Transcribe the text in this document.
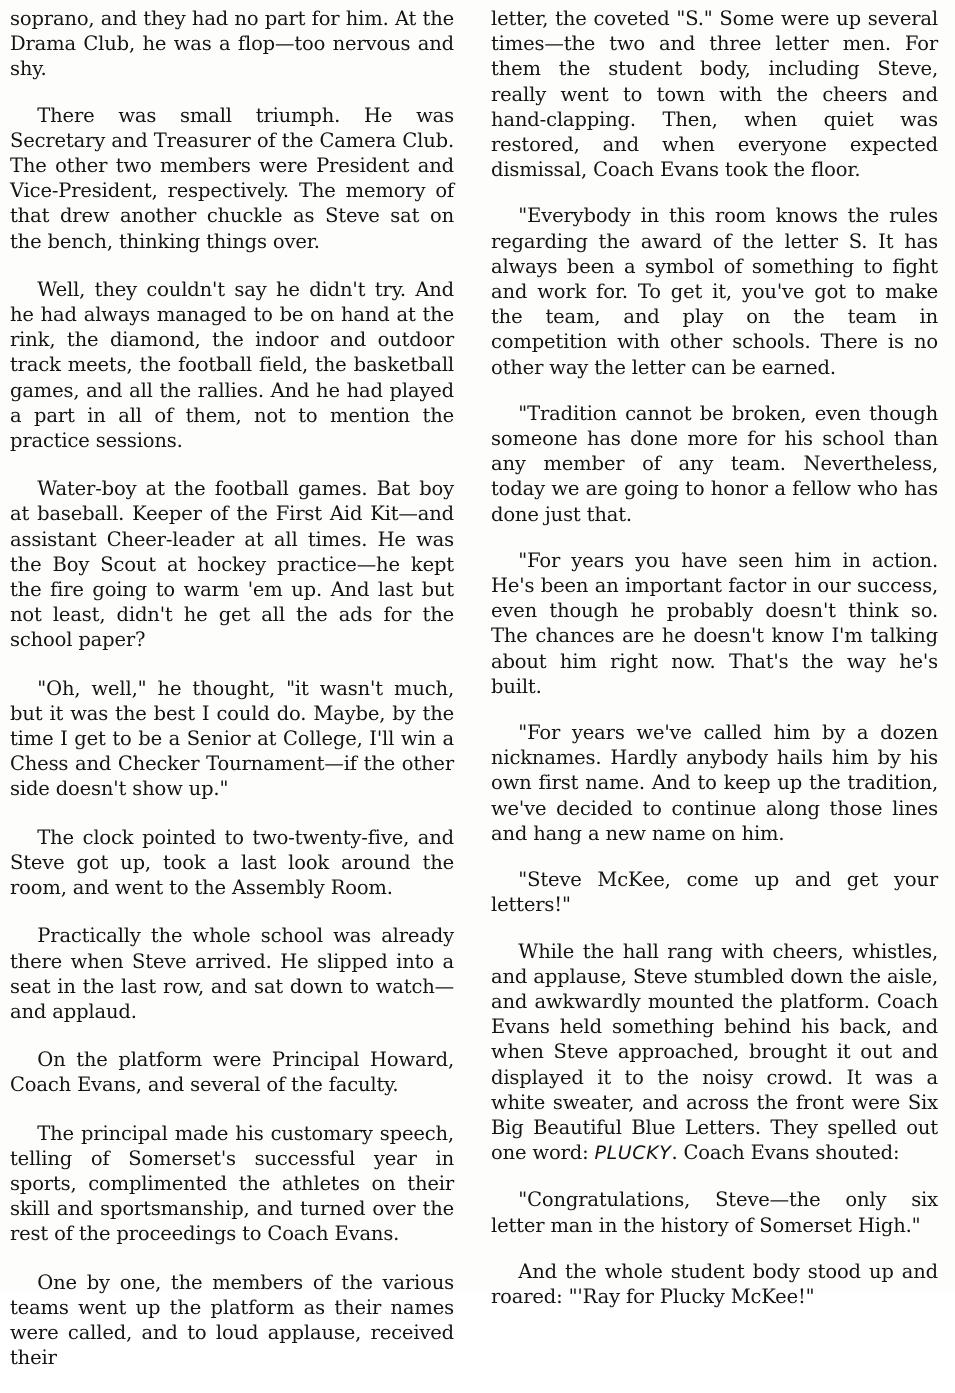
soprano, and they had no part for him. At the Drama Club, he was a flop—too nervous and shy.

There was small triumph. He was Secretary and Treasurer of the Camera Club. The other two members were President and Vice-President, respectively. The memory of that drew another chuckle as Steve sat on the bench, thinking things over.

Well, they couldn't say he didn't try. And he had always managed to be on hand at the rink, the diamond, the indoor and outdoor track meets, the football field, the basketball games, and all the rallies. And he had played a part in all of them, not to mention the practice sessions.

Water-boy at the football games. Bat boy at baseball. Keeper of the First Aid Kit—and assistant Cheer-leader at all times. He was the Boy Scout at hockey practice—he kept the fire going to warm 'em up. And last but not least, didn't he get all the ads for the school paper?

"Oh, well," he thought, "it wasn't much, but it was the best I could do. Maybe, by the time I get to be a Senior at College, I'll win a Chess and Checker Tournament—if the other side doesn't show up."

The clock pointed to two-twenty-five, and Steve got up, took a last look around the room, and went to the Assembly Room.

Practically the whole school was already there when Steve arrived. He slipped into a seat in the last row, and sat down to watch—and applaud.

On the platform were Principal Howard, Coach Evans, and several of the faculty.

The principal made his customary speech, telling of Somerset's successful year in sports, complimented the athletes on their skill and sportsmanship, and turned over the rest of the proceedings to Coach Evans.

One by one, the members of the various teams went up the platform as their names were called, and to loud applause, received their

letter, the coveted "S." Some were up several times—the two and three letter men. For them the student body, including Steve, really went to town with the cheers and hand-clapping. Then, when quiet was restored, and when everyone expected dismissal, Coach Evans took the floor.

"Everybody in this room knows the rules regarding the award of the letter S. It has always been a symbol of something to fight and work for. To get it, you've got to make the team, and play on the team in competition with other schools. There is no other way the letter can be earned.

"Tradition cannot be broken, even though someone has done more for his school than any member of any team. Nevertheless, today we are going to honor a fellow who has done just that.

"For years you have seen him in action. He's been an important factor in our success, even though he probably doesn't think so. The chances are he doesn't know I'm talking about him right now. That's the way he's built.

"For years we've called him by a dozen nicknames. Hardly anybody hails him by his own first name. And to keep up the tradition, we've decided to continue along those lines and hang a new name on him.

"Steve McKee, come up and get your letters!"

While the hall rang with cheers, whistles, and applause, Steve stumbled down the aisle, and awkwardly mounted the platform. Coach Evans held something behind his back, and when Steve approached, brought it out and displayed it to the noisy crowd. It was a white sweater, and across the front were Six Big Beautiful Blue Letters. They spelled out one word: PLUCKY. Coach Evans shouted:

"Congratulations, Steve—the only six letter man in the history of Somerset High."

And the whole student body stood up and roared: "'Ray for Plucky McKee!"
